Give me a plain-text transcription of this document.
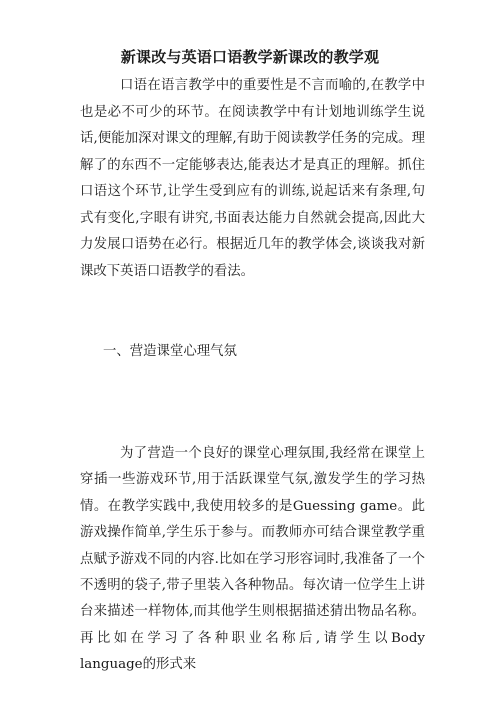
新课改与英语口语教学新课改的教学观

口语在语言教学中的重要性是不言而喻的,在教学中也是必不可少的环节。在阅读教学中有计划地训练学生说话,便能加深对课文的理解,有助于阅读教学任务的完成。理解了的东西不一定能够表达,能表达才是真正的理解。抓住口语这个环节,让学生受到应有的训练,说起话来有条理,句式有变化,字眼有讲究,书面表达能力自然就会提高,因此大力发展口语势在必行。根据近几年的教学体会,谈谈我对新课改下英语口语教学的看法。

一、营造课堂心理气氛

为了营造一个良好的课堂心理氛围,我经常在课堂上穿插一些游戏环节,用于活跃课堂气氛,激发学生的学习热情。在教学实践中,我使用较多的是Guessing game。此游戏操作简单,学生乐于参与。而教师亦可结合课堂教学重点赋予游戏不同的内容.比如在学习形容词时,我准备了一个不透明的袋子,带子里装入各种物品。每次请一位学生上讲台来描述一样物体,而其他学生则根据描述猜出物品名称。再比如在学习了各种职业名称后,请学生以Body language的形式来
